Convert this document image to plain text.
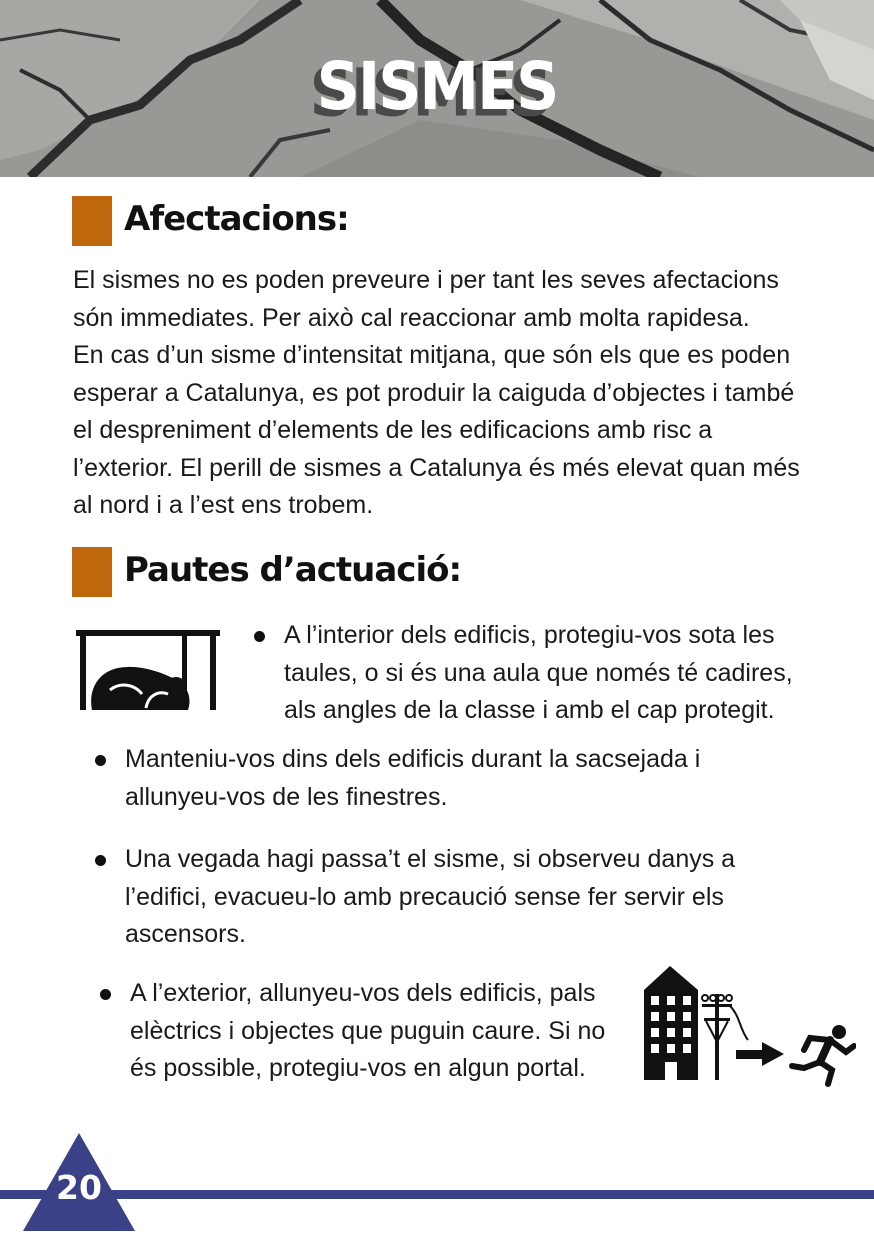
SISMES
Afectacions:

El sismes no es poden preveure i per tant les seves afectacions són immediates. Per això cal reaccionar amb molta rapidesa.

En cas d’un sisme d’intensitat mitjana, que són els que es poden esperar a Catalunya, es pot produir la caiguda d’objectes i també el despreniment d’elements de les edificacions amb risc a l’exterior. El perill de sismes a Catalunya és més elevat quan més al nord i a l’est ens trobem.

Pautes d’actuació:
A l’interior dels edificis, protegiu-vos sota les taules, o si és una aula que només té cadires, als angles de la classe i amb el cap protegit.
Manteniu-vos dins dels edificis durant la sacsejada i allunyeu-vos de les finestres.
Una vegada hagi passa’t el sisme, si observeu danys a l’edifici, evacueu-lo amb precaució sense fer servir els ascensors.
A l’exterior, allunyeu-vos dels edificis, pals elèctrics i objectes que puguin caure. Si no és possible, protegiu-vos en algun portal.
20
